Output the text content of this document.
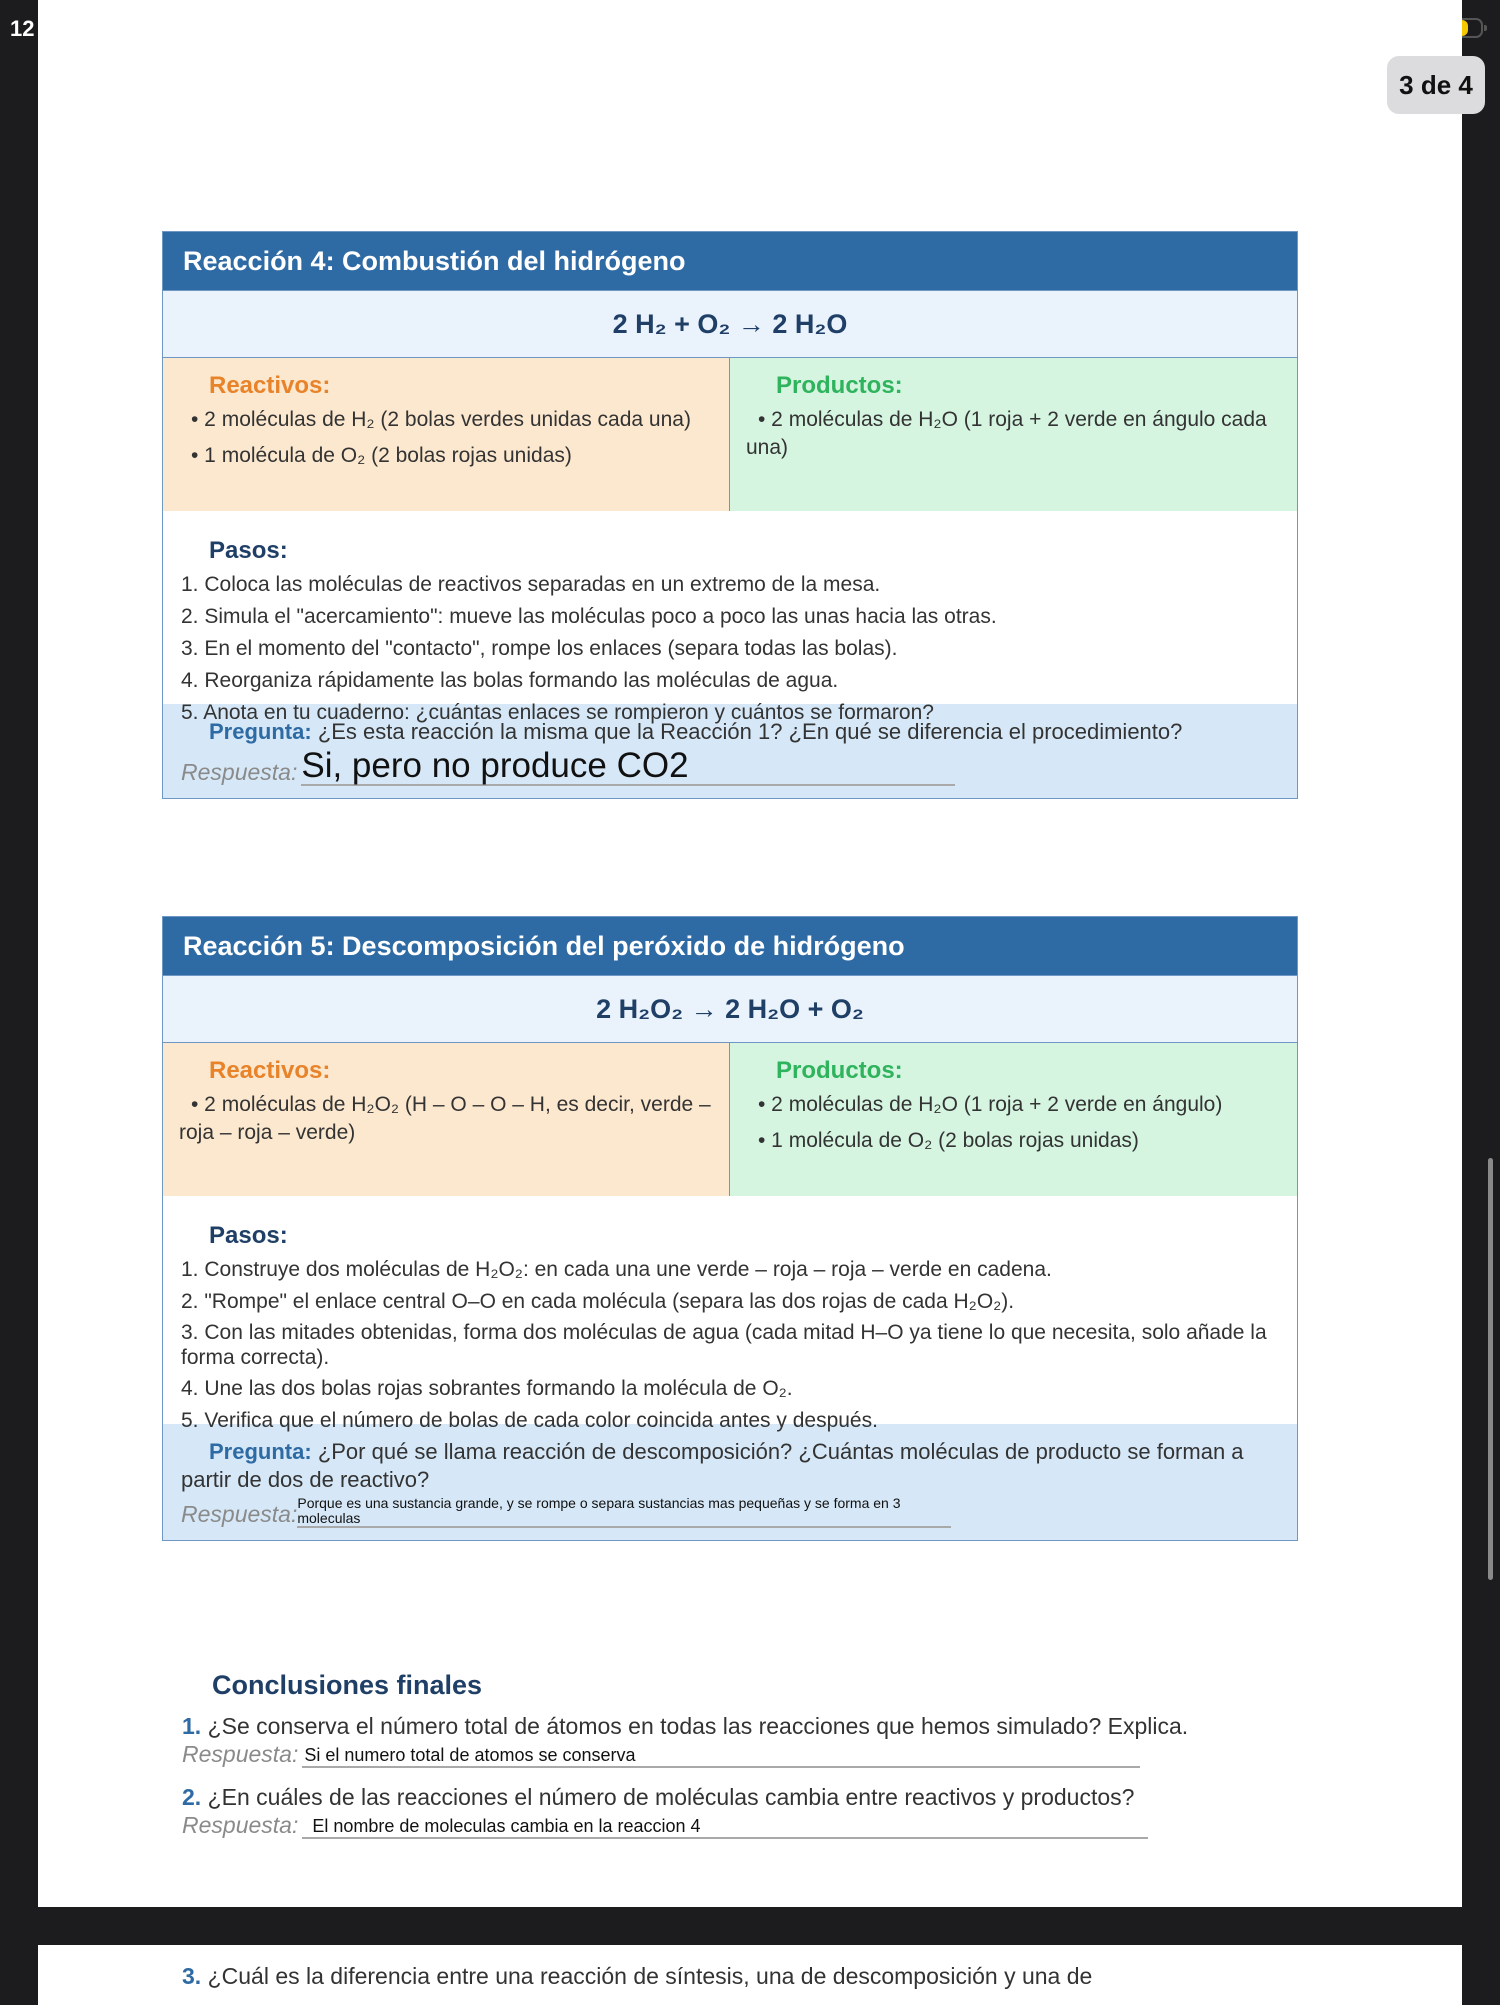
12
3 de 4
Reacción 4: Combustión del hidrógeno
2 H₂ + O₂ → 2 H₂O
Reactivos:
• 2 moléculas de H₂ (2 bolas verdes unidas cada una)
• 1 molécula de O₂ (2 bolas rojas unidas)
Productos:
• 2 moléculas de H₂O (1 roja + 2 verde en ángulo cada una)
Pasos:
1. Coloca las moléculas de reactivos separadas en un extremo de la mesa.
2. Simula el "acercamiento": mueve las moléculas poco a poco las unas hacia las otras.
3. En el momento del "contacto", rompe los enlaces (separa todas las bolas).
4. Reorganiza rápidamente las bolas formando las moléculas de agua.
5. Anota en tu cuaderno: ¿cuántas enlaces se rompieron y cuántos se formaron?
Pregunta: ¿Es esta reacción la misma que la Reacción 1? ¿En qué se diferencia el procedimiento?
Respuesta: Si, pero no produce CO2
Reacción 5: Descomposición del peróxido de hidrógeno
2 H₂O₂ → 2 H₂O + O₂
Reactivos:
• 2 moléculas de H₂O₂ (H – O – O – H, es decir, verde – roja – roja – verde)
Productos:
• 2 moléculas de H₂O (1 roja + 2 verde en ángulo)
• 1 molécula de O₂ (2 bolas rojas unidas)
Pasos:
1. Construye dos moléculas de H₂O₂: en cada una une verde – roja – roja – verde en cadena.
2. "Rompe" el enlace central O–O en cada molécula (separa las dos rojas de cada H₂O₂).
3. Con las mitades obtenidas, forma dos moléculas de agua (cada mitad H–O ya tiene lo que necesita, solo añade la forma correcta).
4. Une las dos bolas rojas sobrantes formando la molécula de O₂.
5. Verifica que el número de bolas de cada color coincida antes y después.
Pregunta: ¿Por qué se llama reacción de descomposición? ¿Cuántas moléculas de producto se forman a partir de dos de reactivo?
Respuesta: Porque es una sustancia grande, y se rompe o separa sustancias mas pequeñas y se forma en 3 moleculas
Conclusiones finales
1. ¿Se conserva el número total de átomos en todas las reacciones que hemos simulado? Explica.
Respuesta: Si el numero total de atomos se conserva
2. ¿En cuáles de las reacciones el número de moléculas cambia entre reactivos y productos?
Respuesta: El nombre de moleculas cambia en la reaccion 4
3. ¿Cuál es la diferencia entre una reacción de síntesis, una de descomposición y una de
